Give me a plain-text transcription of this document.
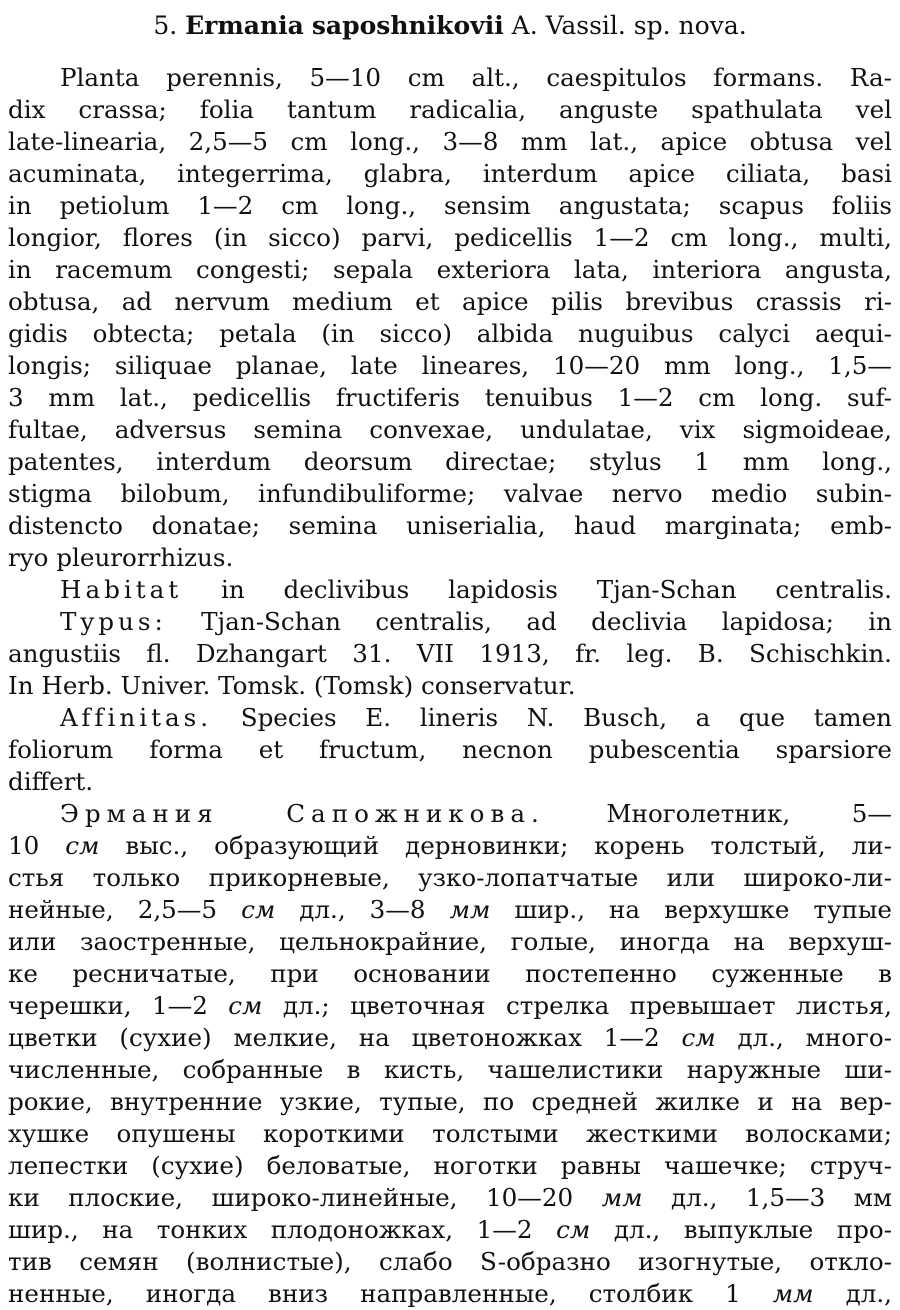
5. Ermania saposhnikovii A. Vassil. sp. nova.
Planta perennis, 5—10 cm alt., caespitulos formans. Ra-
dix crassa; folia tantum radicalia, anguste spathulata vel
late-linearia, 2,5—5 cm long., 3—8 mm lat., apice obtusa vel
acuminata, integerrima, glabra, interdum apice ciliata, basi
in petiolum 1—2 cm long., sensim angustata; scapus foliis
longior, flores (in sicco) parvi, pedicellis 1—2 cm long., multi,
in racemum congesti; sepala exteriora lata, interiora angusta,
obtusa, ad nervum medium et apice pilis brevibus crassis ri-
gidis obtecta; petala (in sicco) albida nuguibus calyci aequi-
longis; siliquae planae, late lineares, 10—20 mm long., 1,5—
3 mm lat., pedicellis fructiferis tenuibus 1—2 cm long. suf-
fultae, adversus semina convexae, undulatae, vix sigmoideae,
patentes, interdum deorsum directae; stylus 1 mm long.,
stigma bilobum, infundibuliforme; valvae nervo medio subin-
distencto donatae; semina uniserialia, haud marginata; emb-
ryo pleurorrhizus.
Habitat in declivibus lapidosis Tjan-Schan centralis.
Typus: Tjan-Schan centralis, ad declivia lapidosa; in
angustiis fl. Dzhangart 31. VII 1913, fr. leg. B. Schischkin.
In Herb. Univer. Tomsk. (Tomsk) conservatur.
Affinitas. Species E. lineris N. Busch, a que tamen
foliorum forma et fructum, necnon pubescentia sparsiore
differt.
Эрмания Сапожникова.	Многолетник, 5—
10 см выс., образующий дерновинки; корень толстый, ли-
стья только прикорневые, узко-лопатчатые или широко-ли-
нейные, 2,5—5 см дл., 3—8 мм шир., на верхушке тупые
или заостренные, цельнокрайние, голые, иногда на верхуш-
ке ресничатые, при основании постепенно суженные в
черешки, 1—2 см дл.; цветочная стрелка превышает листья,
цветки (сухие) мелкие, на цветоножках 1—2 см дл., много-
численные, собранные в кисть, чашелистики наружные ши-
рокие, внутренние узкие, тупые, по средней жилке и на вер-
хушке опушены короткими толстыми жесткими волосками;
лепестки (сухие) беловатые, ноготки равны чашечке; струч-
ки плоские, широко-линейные, 10—20 мм дл., 1,5—3 мм
шир., на тонких плодоножках, 1—2 см дл., выпуклые про-
тив семян (волнистые), слабо S-образно изогнутые, откло-
ненные, иногда вниз направленные, столбик 1 мм дл.,
